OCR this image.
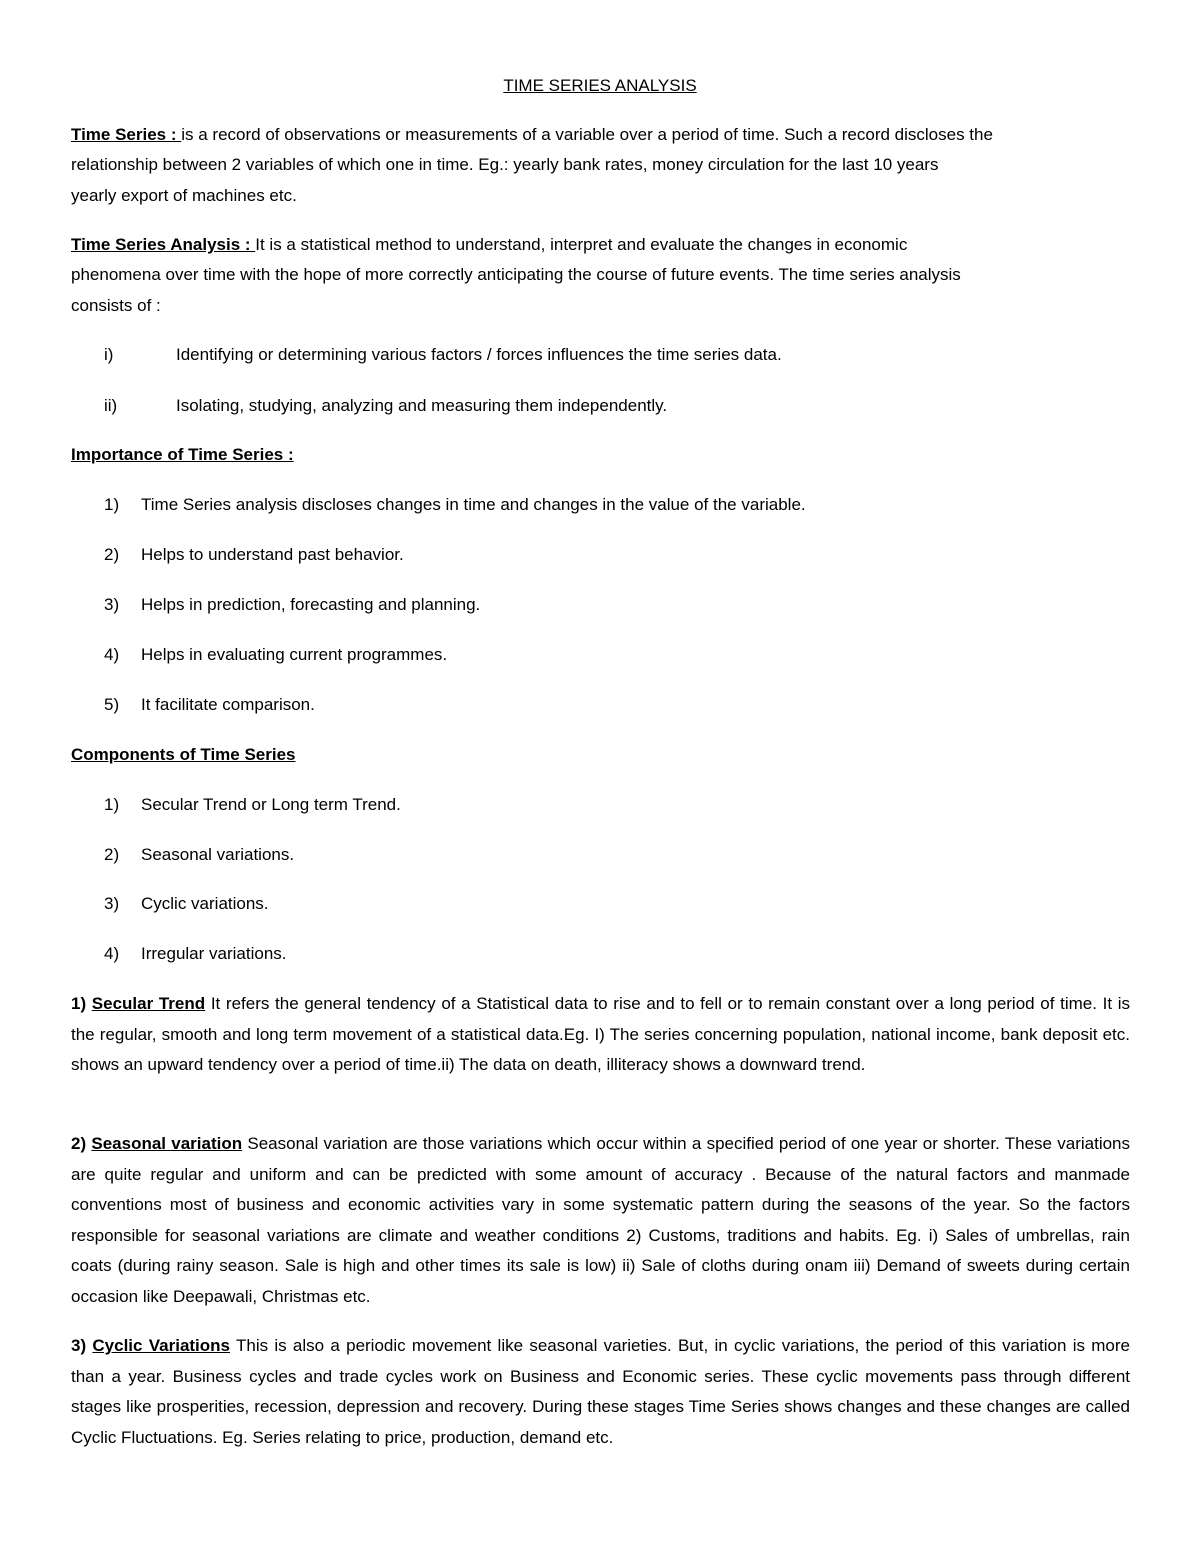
TIME SERIES ANALYSIS
Time Series : is a record of observations or measurements of a variable over a period of time. Such a record discloses the
relationship between 2 variables of which one in time. Eg.: yearly bank rates, money circulation for the last 10 years
yearly export of machines etc.
Time Series Analysis : It is a statistical method to understand, interpret and evaluate the changes in economic
phenomena over time with the hope of more correctly anticipating the course of future events. The time series analysis
consists of :
i)	Identifying or determining various factors / forces influences the time series data.
ii)	Isolating, studying, analyzing and measuring them independently.
Importance of Time Series :
1) Time Series analysis discloses changes in time and changes in the value of the variable.
2) Helps to understand past behavior.
3) Helps in prediction, forecasting and planning.
4) Helps in evaluating current programmes.
5) It facilitate comparison.
Components of Time Series
1) Secular Trend or Long term Trend.
2) Seasonal variations.
3) Cyclic variations.
4) Irregular variations.

1) Secular Trend It refers the general tendency of a Statistical data to rise and to fell or to remain constant over a long period of time. It is the regular, smooth and long term movement of a statistical data.Eg. I) The series concerning population, national income, bank deposit etc. shows an upward tendency over a period of time.ii) The data on death, illiteracy shows a downward trend.

2) Seasonal variation Seasonal variation are those variations which occur within a specified period of one year or shorter. These variations are quite regular and uniform and can be predicted with some amount of accuracy . Because of the natural factors and manmade conventions most of business and economic activities vary in some systematic pattern during the seasons of the year. So the factors responsible for seasonal variations are climate and weather conditions 2) Customs, traditions and habits. Eg. i) Sales of umbrellas, rain coats (during rainy season. Sale is high and other times its sale is low) ii) Sale of cloths during onam iii) Demand of sweets during certain occasion like Deepawali, Christmas etc.

3) Cyclic Variations This is also a periodic movement like seasonal varieties. But, in cyclic variations, the period of this variation is more than a year. Business cycles and trade cycles work on Business and Economic series. These cyclic movements pass through different stages like prosperities, recession, depression and recovery. During these stages Time Series shows changes and these changes are called Cyclic Fluctuations. Eg. Series relating to price, production, demand etc.
